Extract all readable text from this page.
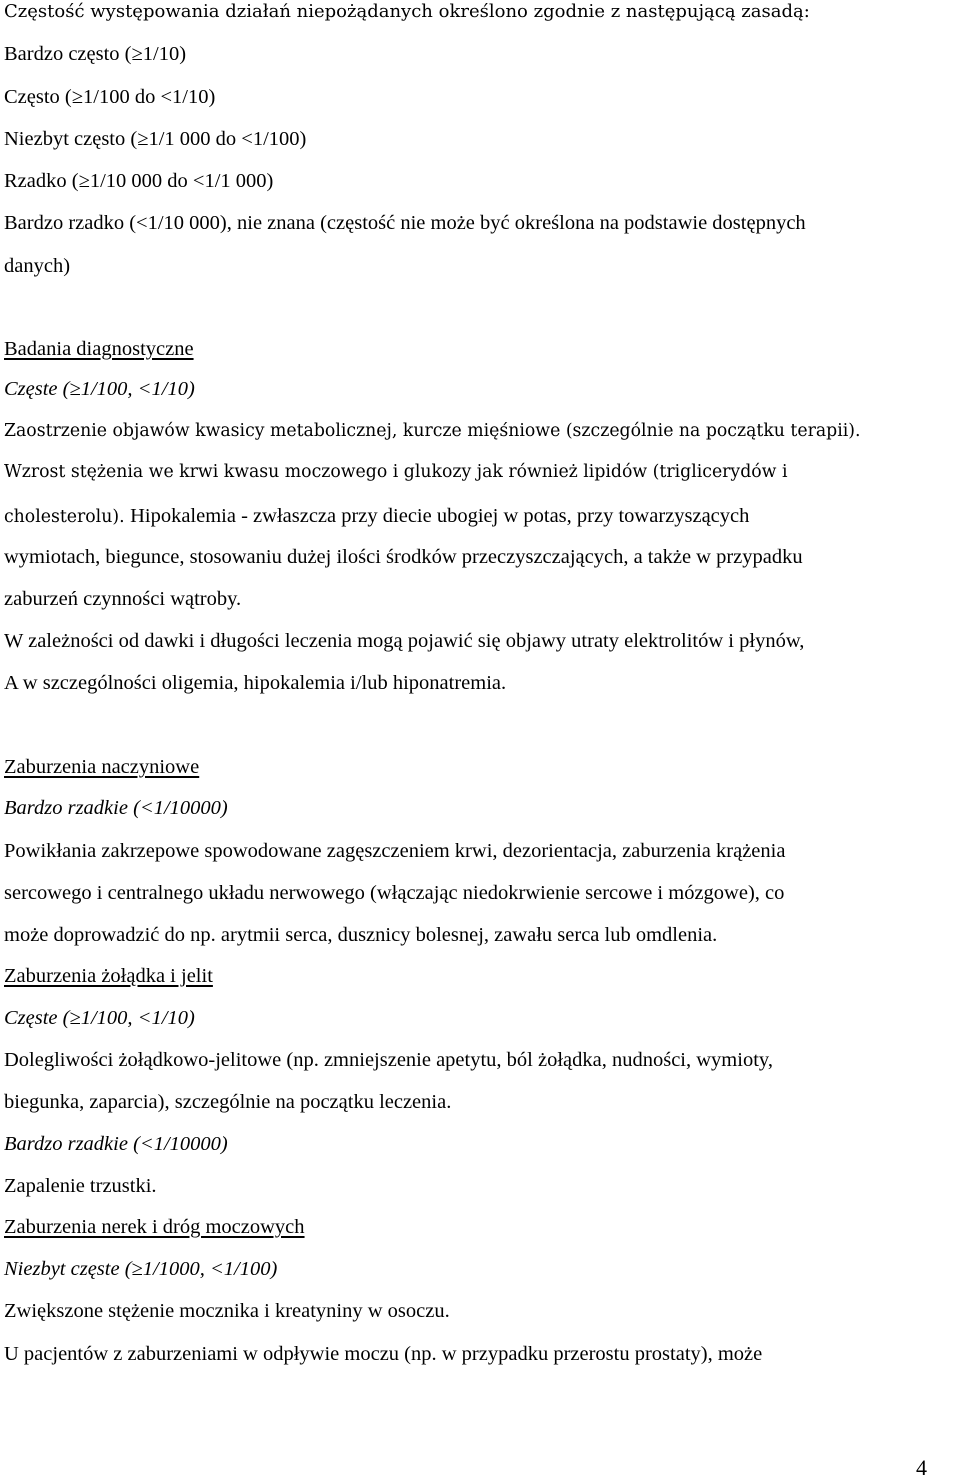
Częstość występowania działań niepożądanych określono zgodnie z następującą zasadą:
Bardzo często (≥1/10)
Często (≥1/100 do <1/10)
Niezbyt często (≥1/1 000 do <1/100)
Rzadko (≥1/10 000 do <1/1 000)
Bardzo rzadko (<1/10 000), nie znana (częstość nie może być określona na podstawie dostępnych
danych)
Badania diagnostyczne
Częste (≥1/100, <1/10)
Zaostrzenie objawów kwasicy metabolicznej, kurcze mięśniowe (szczególnie na początku terapii).
Wzrost stężenia we krwi kwasu moczowego i glukozy jak również lipidów (triglicerydów i
cholesterolu). Hipokalemia - zwłaszcza przy diecie ubogiej w potas, przy towarzyszących
wymiotach, biegunce, stosowaniu dużej ilości środków przeczyszczających, a także w przypadku
zaburzeń czynności wątroby.
W zależności od dawki i długości leczenia mogą pojawić się objawy utraty elektrolitów i płynów,
A w szczególności oligemia, hipokalemia i/lub hiponatremia.
Zaburzenia naczyniowe
Bardzo rzadkie (<1/10000)
Powikłania zakrzepowe spowodowane zagęszczeniem krwi, dezorientacja, zaburzenia krążenia
sercowego i centralnego układu nerwowego (włączając niedokrwienie sercowe i mózgowe), co
może doprowadzić do np. arytmii serca, dusznicy bolesnej, zawału serca lub omdlenia.
Zaburzenia żołądka i jelit
Częste (≥1/100, <1/10)
Dolegliwości żołądkowo-jelitowe (np. zmniejszenie apetytu, ból żołądka, nudności, wymioty,
biegunka, zaparcia), szczególnie na początku leczenia.
Bardzo rzadkie (<1/10000)
Zapalenie trzustki.
Zaburzenia nerek i dróg moczowych
Niezbyt częste (≥1/1000, <1/100)
Zwiększone stężenie mocznika i kreatyniny w osoczu.
U pacjentów z zaburzeniami w odpływie moczu (np. w przypadku przerostu prostaty), może
4
